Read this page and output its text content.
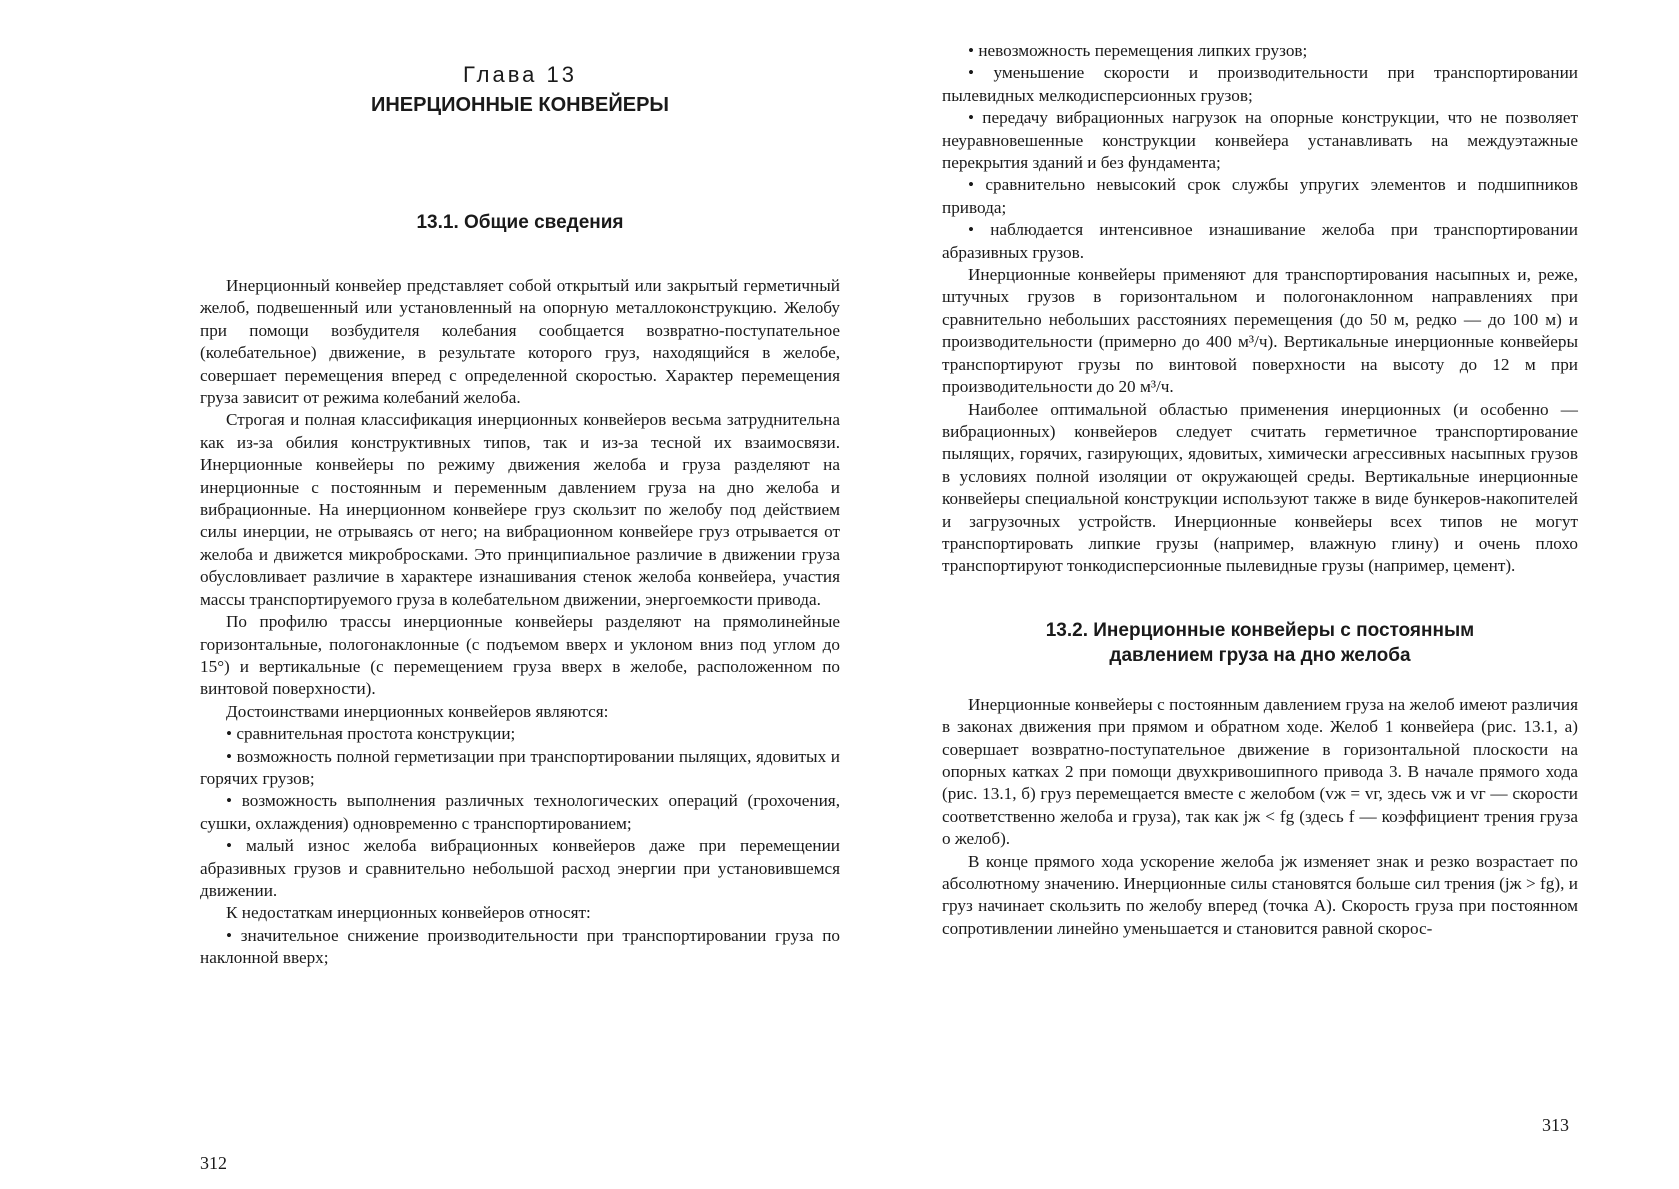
Глава 13
ИНЕРЦИОННЫЕ КОНВЕЙЕРЫ
13.1. Общие сведения

Инерционный конвейер представляет собой открытый или закрытый герметичный желоб, подвешенный или установленный на опорную металлоконструкцию. Желобу при помощи возбудителя колебания сообщается возвратно-поступательное (колебательное) движение, в результате которого груз, находящийся в желобе, совершает перемещения вперед с определенной скоростью. Характер перемещения груза зависит от режима колебаний желоба.

Строгая и полная классификация инерционных конвейеров весьма затруднительна как из-за обилия конструктивных типов, так и из-за тесной их взаимосвязи. Инерционные конвейеры по режиму движения желоба и груза разделяют на инерционные с постоянным и переменным давлением груза на дно желоба и вибрационные. На инерционном конвейере груз скользит по желобу под действием силы инерции, не отрываясь от него; на вибрационном конвейере груз отрывается от желоба и движется микробросками. Это принципиальное различие в движении груза обусловливает различие в характере изнашивания стенок желоба конвейера, участия массы транспортируемого груза в колебательном движении, энергоемкости привода.

По профилю трассы инерционные конвейеры разделяют на прямолинейные горизонтальные, пологонаклонные (с подъемом вверх и уклоном вниз под углом до 15°) и вертикальные (с перемещением груза вверх в желобе, расположенном по винтовой поверхности).

Достоинствами инерционных конвейеров являются:

• сравнительная простота конструкции;

• возможность полной герметизации при транспортировании пылящих, ядовитых и горячих грузов;

• возможность выполнения различных технологических операций (грохочения, сушки, охлаждения) одновременно с транспортированием;

• малый износ желоба вибрационных конвейеров даже при перемещении абразивных грузов и сравнительно небольшой расход энергии при установившемся движении.

К недостаткам инерционных конвейеров относят:

• значительное снижение производительности при транспортировании груза по наклонной вверх;

312

• невозможность перемещения липких грузов;

• уменьшение скорости и производительности при транспортировании пылевидных мелкодисперсионных грузов;

• передачу вибрационных нагрузок на опорные конструкции, что не позволяет неуравновешенные конструкции конвейера устанавливать на междуэтажные перекрытия зданий и без фундамента;

• сравнительно невысокий срок службы упругих элементов и подшипников привода;

• наблюдается интенсивное изнашивание желоба при транспортировании абразивных грузов.

Инерционные конвейеры применяют для транспортирования насыпных и, реже, штучных грузов в горизонтальном и пологонаклонном направлениях при сравнительно небольших расстояниях перемещения (до 50 м, редко — до 100 м) и производительности (примерно до 400 м³/ч). Вертикальные инерционные конвейеры транспортируют грузы по винтовой поверхности на высоту до 12 м при производительности до 20 м³/ч.

Наиболее оптимальной областью применения инерционных (и особенно — вибрационных) конвейеров следует считать герметичное транспортирование пылящих, горячих, газирующих, ядовитых, химически агрессивных насыпных грузов в условиях полной изоляции от окружающей среды. Вертикальные инерционные конвейеры специальной конструкции используют также в виде бункеров-накопителей и загрузочных устройств. Инерционные конвейеры всех типов не могут транспортировать липкие грузы (например, влажную глину) и очень плохо транспортируют тонкодисперсионные пылевидные грузы (например, цемент).

13.2. Инерционные конвейеры с постоянным
давлением груза на дно желоба

Инерционные конвейеры с постоянным давлением груза на желоб имеют различия в законах движения при прямом и обратном ходе. Желоб 1 конвейера (рис. 13.1, а) совершает возвратно-поступательное движение в горизонтальной плоскости на опорных катках 2 при помощи двухкривошипного привода 3. В начале прямого хода (рис. 13.1, б) груз перемещается вместе с желобом (vж = vг, здесь vж и vг — скорости соответственно желоба и груза), так как jж < fg (здесь f — коэффициент трения груза о желоб).

В конце прямого хода ускорение желоба jж изменяет знак и резко возрастает по абсолютному значению. Инерционные силы становятся больше сил трения (jж > fg), и груз начинает скользить по желобу вперед (точка А). Скорость груза при постоянном сопротивлении линейно уменьшается и становится равной скорос-

313
